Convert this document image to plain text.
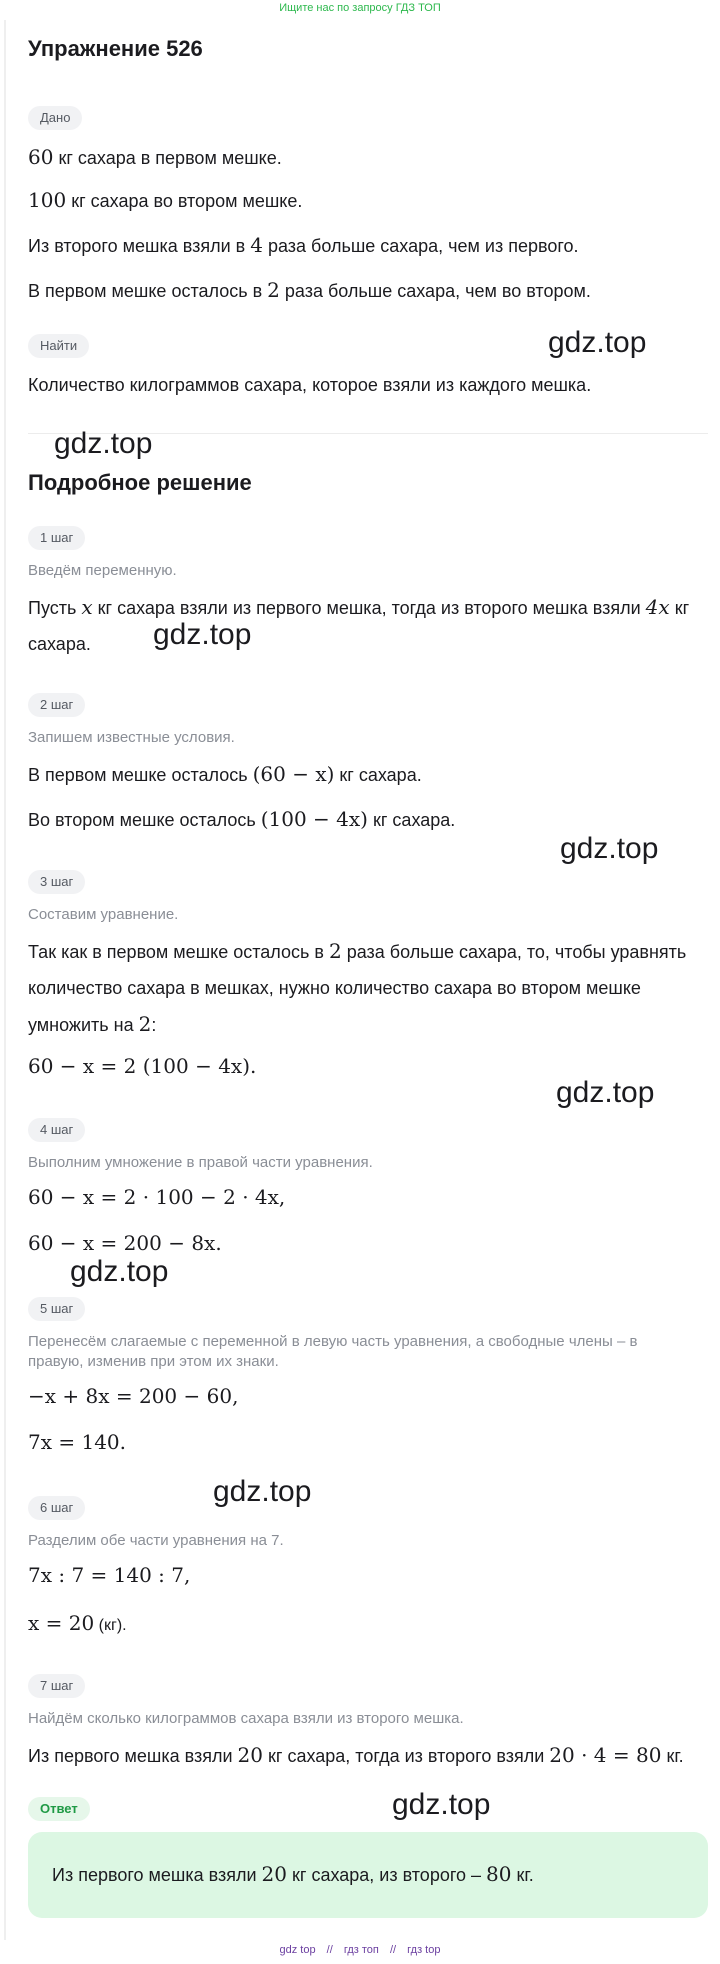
Ищите нас по запросу ГДЗ ТОП
Упражнение 526
Дано
60 кг сахара в первом мешке.
100 кг сахара во втором мешке.
Из второго мешка взяли в 4 раза больше сахара, чем из первого.
В первом мешке осталось в 2 раза больше сахара, чем во втором.
Найти
Количество килограммов сахара, которое взяли из каждого мешка.
Подробное решение
1 шаг
Введём переменную.
Пусть x кг сахара взяли из первого мешка, тогда из второго мешка взяли 4x кг
сахара.
2 шаг
Запишем известные условия.
В первом мешке осталось (60 − x) кг сахара.
Во втором мешке осталось (100 − 4x) кг сахара.
3 шаг
Составим уравнение.
Так как в первом мешке осталось в 2 раза больше сахара, то, чтобы уравнять
количество сахара в мешках, нужно количество сахара во втором мешке
умножить на 2:
60 − x = 2 (100 − 4x).
4 шаг
Выполним умножение в правой части уравнения.
60 − x = 2 · 100 − 2 · 4x,
60 − x = 200 − 8x.
5 шаг
Перенесём слагаемые с переменной в левую часть уравнения, а свободные члены – в
правую, изменив при этом их знаки.
−x + 8x = 200 − 60,
7x = 140.
6 шаг
Разделим обе части уравнения на 7.
7x : 7 = 140 : 7,
x = 20 (кг).
7 шаг
Найдём сколько килограммов сахара взяли из второго мешка.
Из первого мешка взяли 20 кг сахара, тогда из второго взяли 20 · 4 = 80 кг.
Ответ
Из первого мешка взяли 20 кг сахара, из второго – 80 кг.
gdz.top
gdz.top
gdz.top
gdz.top
gdz.top
gdz.top
gdz.top
gdz.top
gdz top // гдз топ // гдз top
